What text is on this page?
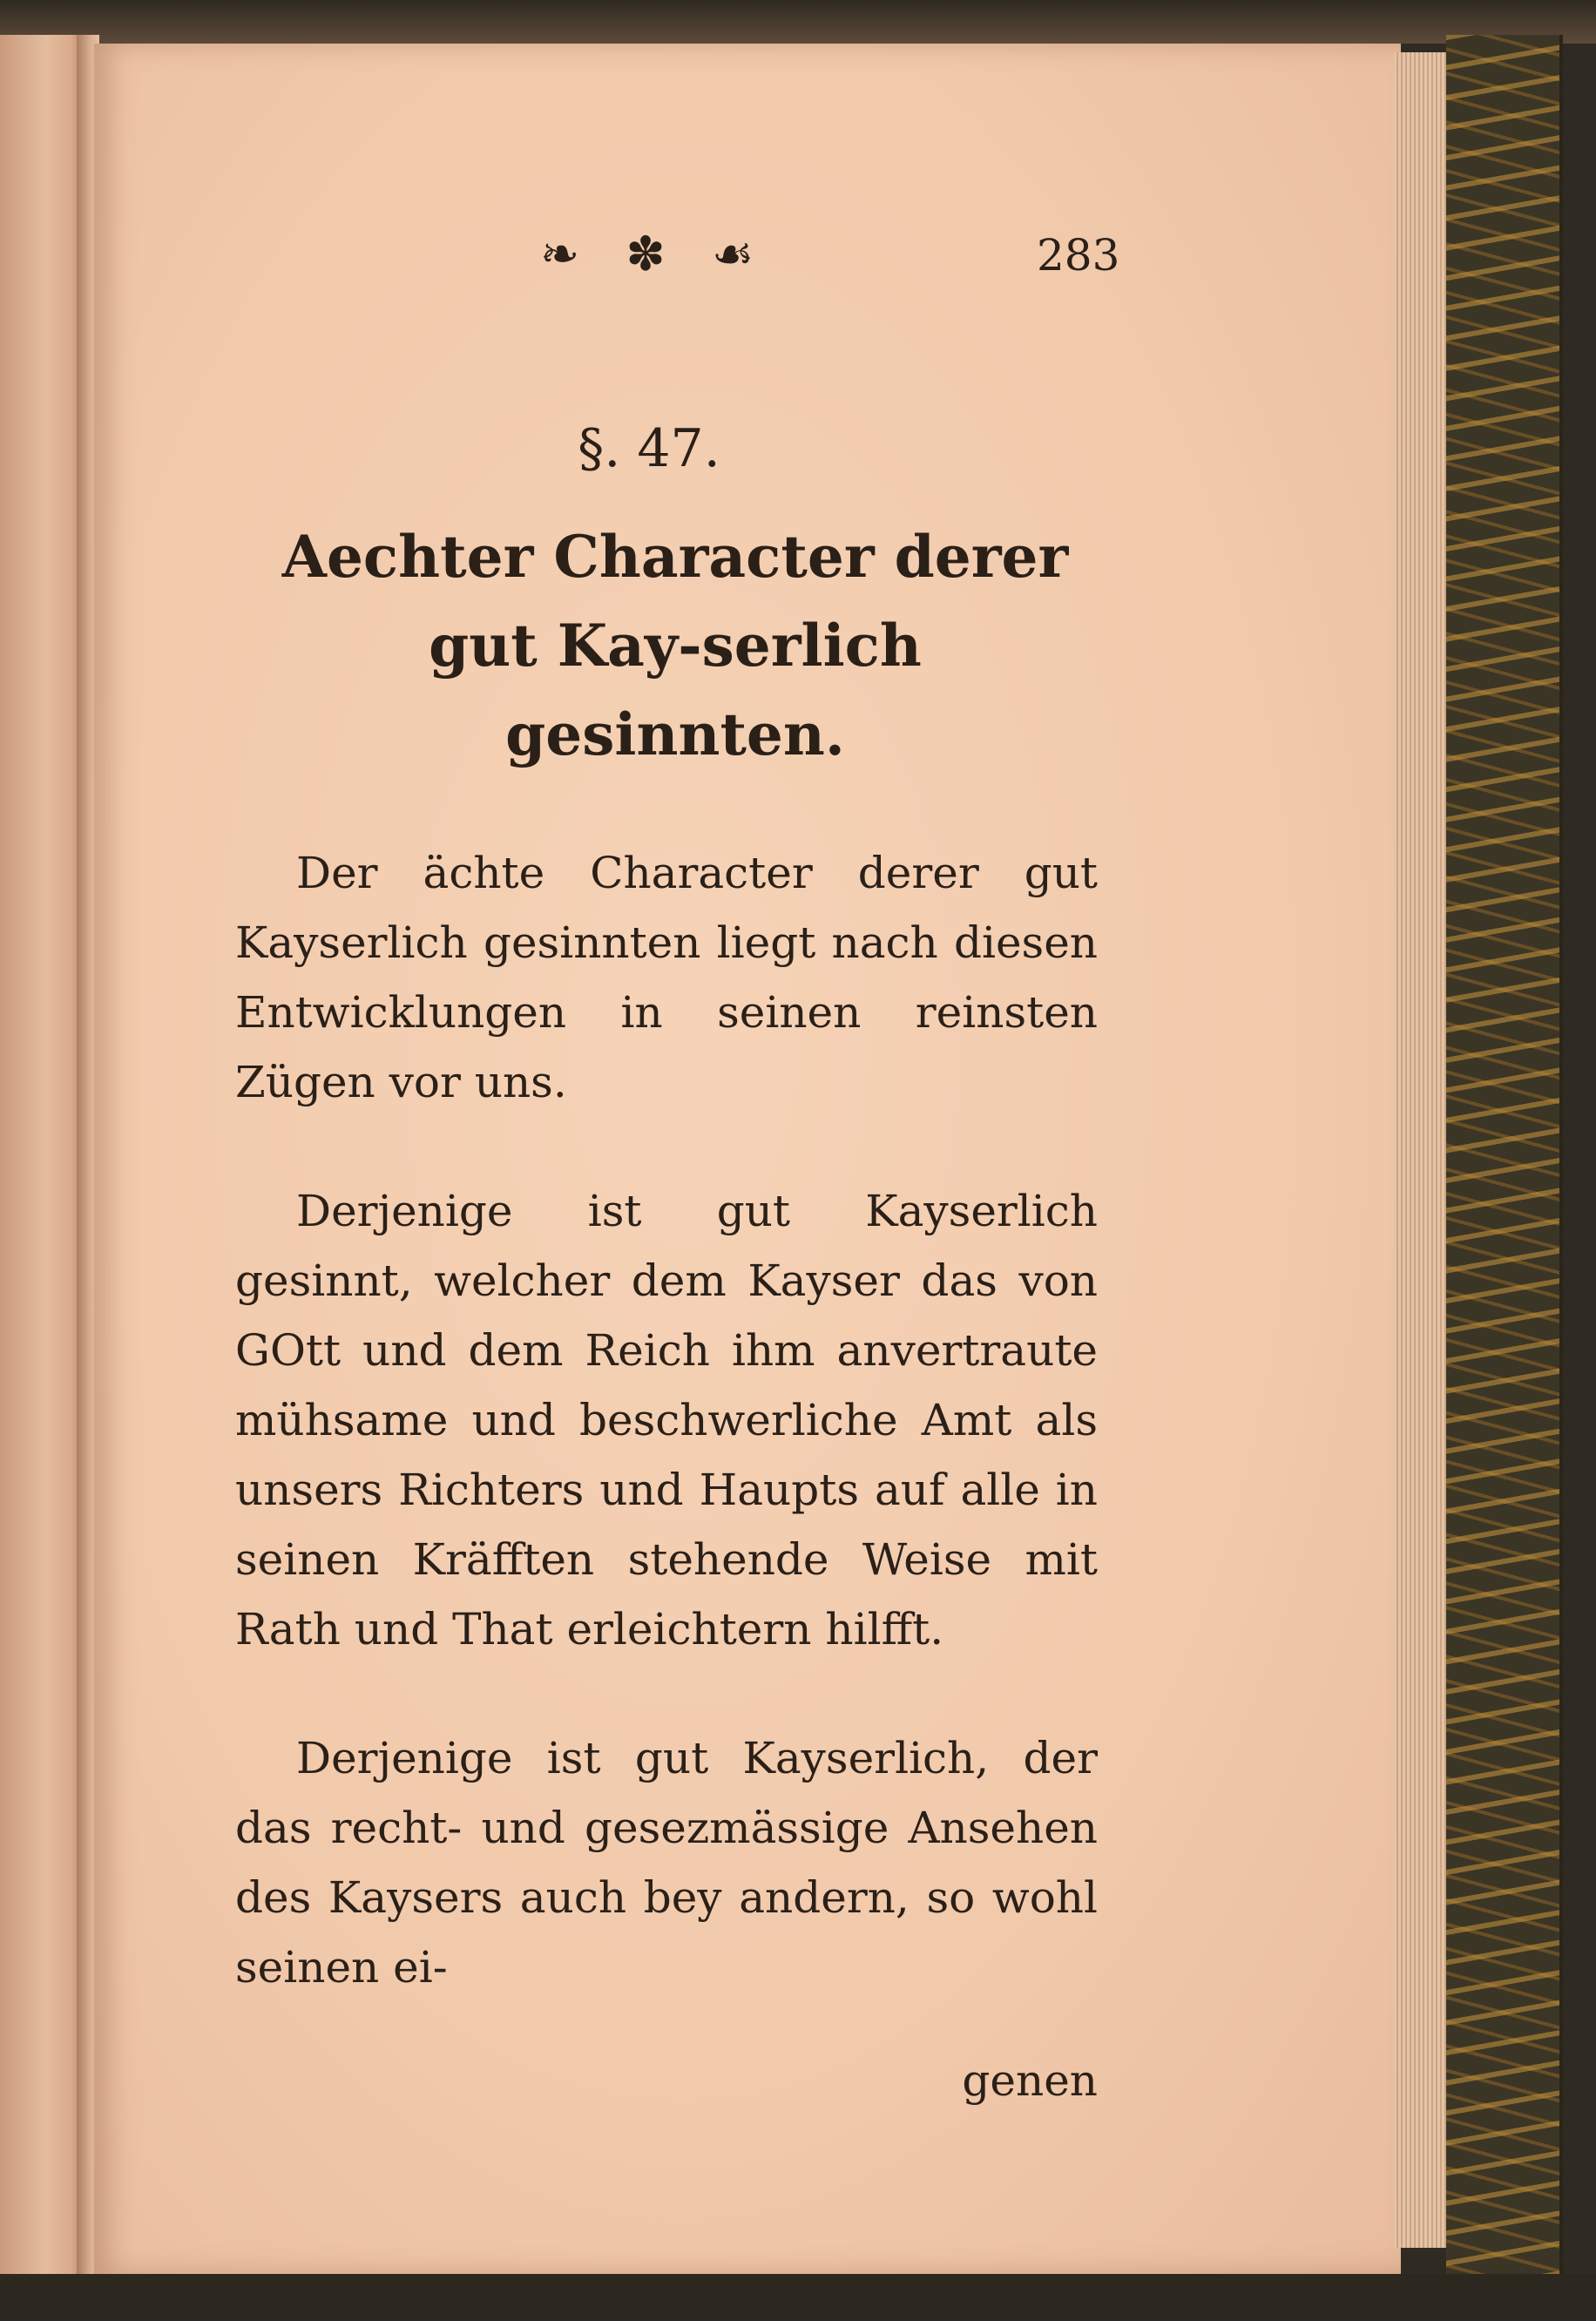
❧ ✽ ☙	283
§. 47.
Aechter Character derer gut Kay-serlich gesinnten.

Der ächte Character derer gut Kayserlich gesinnten liegt nach diesen Entwicklungen in seinen reinsten Zügen vor uns.

Derjenige ist gut Kayserlich gesinnt, welcher dem Kayser das von GOtt und dem Reich ihm anvertraute mühsame und beschwerliche Amt als unsers Richters und Haupts auf alle in seinen Kräfften stehende Weise mit Rath und That erleichtern hilfft.

Derjenige ist gut Kayserlich, der das recht- und gesezmässige Ansehen des Kaysers auch bey andern, so wohl seinen ei-

genen
